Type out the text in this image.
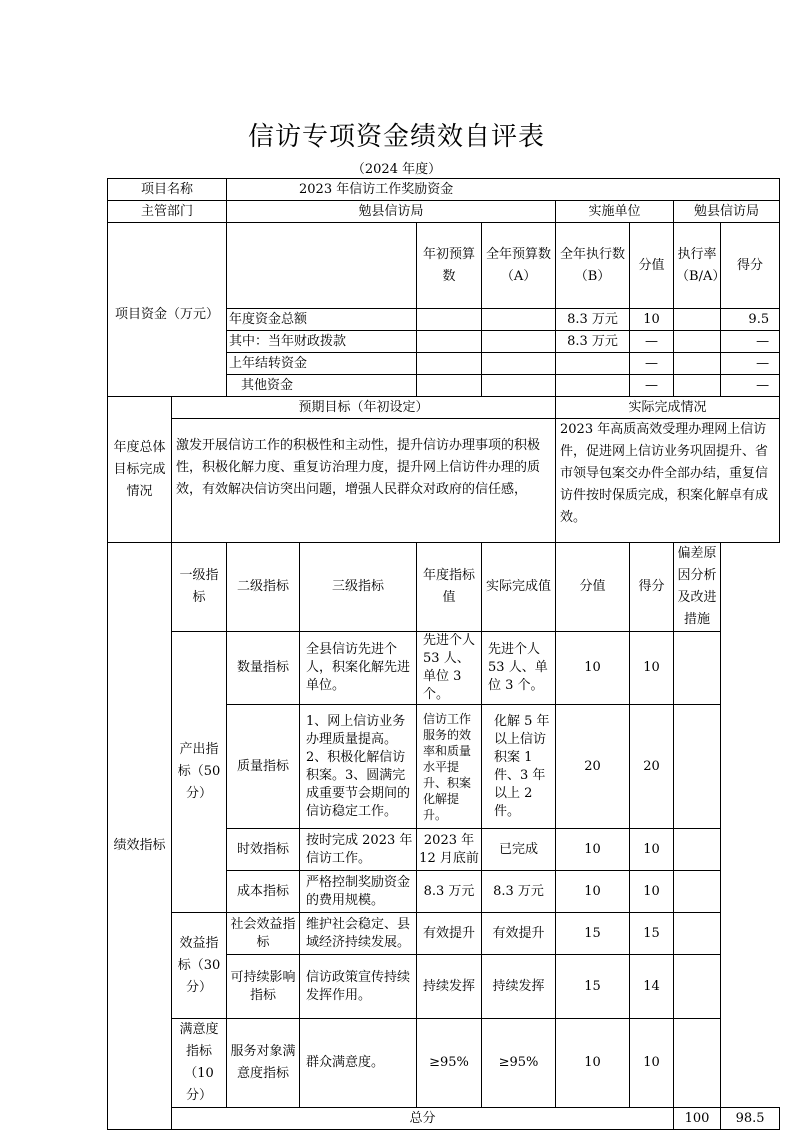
信访专项资金绩效自评表
（2024 年度）
项目名称		2023 年信访工作奖励资金								
主管部门		勉县信访局				实施单位		勉县信访局		
项目资金（万元）				年初预算数	全年预算数（A）	全年执行数（B）	分值	执行率（B/A）	得分	
		年度资金总额				8.3 万元	10		9.5	
		其中：当年财政拨款				8.3 万元	—		—	
		上年结转资金					—		—	
		其他资金					—		—	
年度总体目标完成情况	预期目标（年初设定）					实际完成情况				
	激发开展信访工作的积极性和主动性，提升信访办理事项的积极性，积极化解力度、重复访治理力度，提升网上信访件办理的质效，有效解决信访突出问题，增强人民群众对政府的信任感，					2023 年高质高效受理办理网上信访件，促进网上信访业务巩固提升、省市领导包案交办件全部办结，重复信访件按时保质完成，积案化解卓有成效。				
绩效指标	一级指标	二级指标	三级指标	年度指标值	实际完成值	分值	得分	偏差原因分析及改进措施		
	产出指标（50 分）	数量指标	全县信访先进个人，积案化解先进单位。	先进个人 53 人、单位 3 个。	先进个人 53 人、单位 3 个。	10	10			
		质量指标	1、网上信访业务办理质量提高。2、积极化解信访积案。3、圆满完成重要节会期间的信访稳定工作。	信访工作服务的效率和质量水平提升、积案化解提升。	化解 5 年以上信访积案 1 件、3 年以上 2 件。	20	20			
		时效指标	按时完成 2023 年信访工作。	2023 年 12 月底前	已完成	10	10			
		成本指标	严格控制奖励资金的费用规模。	8.3 万元	8.3 万元	10	10			
	效益指标（30 分）	社会效益指标	维护社会稳定、县域经济持续发展。	有效提升	有效提升	15	15			
		可持续影响指标	信访政策宣传持续发挥作用。	持续发挥	持续发挥	15	14			
	满意度指标（10 分）	服务对象满意度指标	群众满意度。	≥95%	≥95%	10	10			
	总分							100	98.5	
